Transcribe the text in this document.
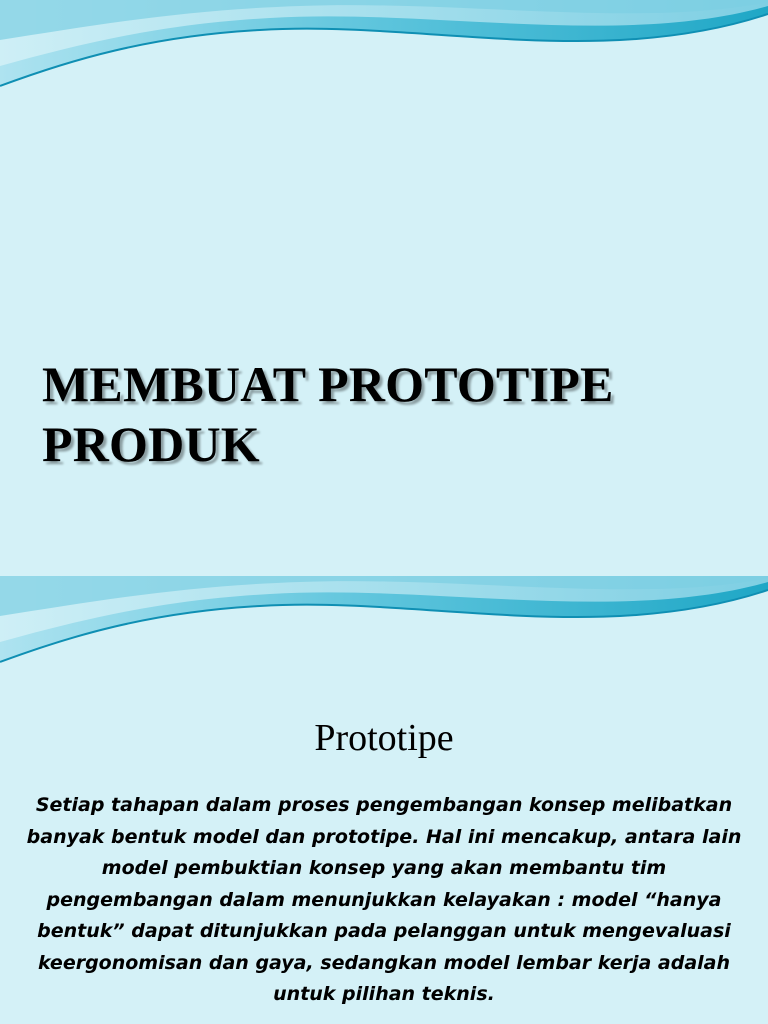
MEMBUAT PROTOTIPE
PRODUK
Prototipe

Setiap tahapan dalam proses pengembangan konsep melibatkan banyak bentuk model dan prototipe. Hal ini mencakup, antara lain model pembuktian konsep yang akan membantu tim pengembangan dalam menunjukkan kelayakan : model “hanya bentuk” dapat ditunjukkan pada pelanggan untuk mengevaluasi keergonomisan dan gaya, sedangkan model lembar kerja adalah untuk pilihan teknis.
